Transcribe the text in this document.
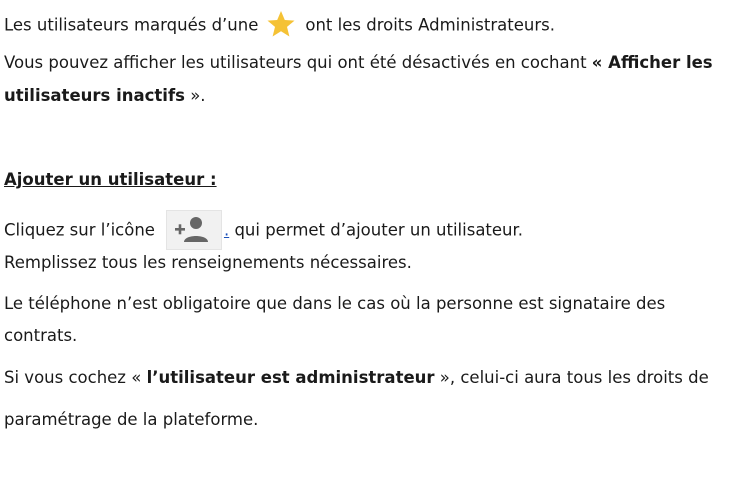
Les utilisateurs marqués d’une	ont les droits Administrateurs.
Vous pouvez afficher les utilisateurs qui ont été désactivés en cochant « Afficher les
utilisateurs inactifs ».
Ajouter un utilisateur :
Cliquez sur l’icône	. qui permet d’ajouter un utilisateur.
Remplissez tous les renseignements nécessaires.
Le téléphone n’est obligatoire que dans le cas où la personne est signataire des
contrats.
Si vous cochez « l’utilisateur est administrateur », celui-ci aura tous les droits de
paramétrage de la plateforme.
